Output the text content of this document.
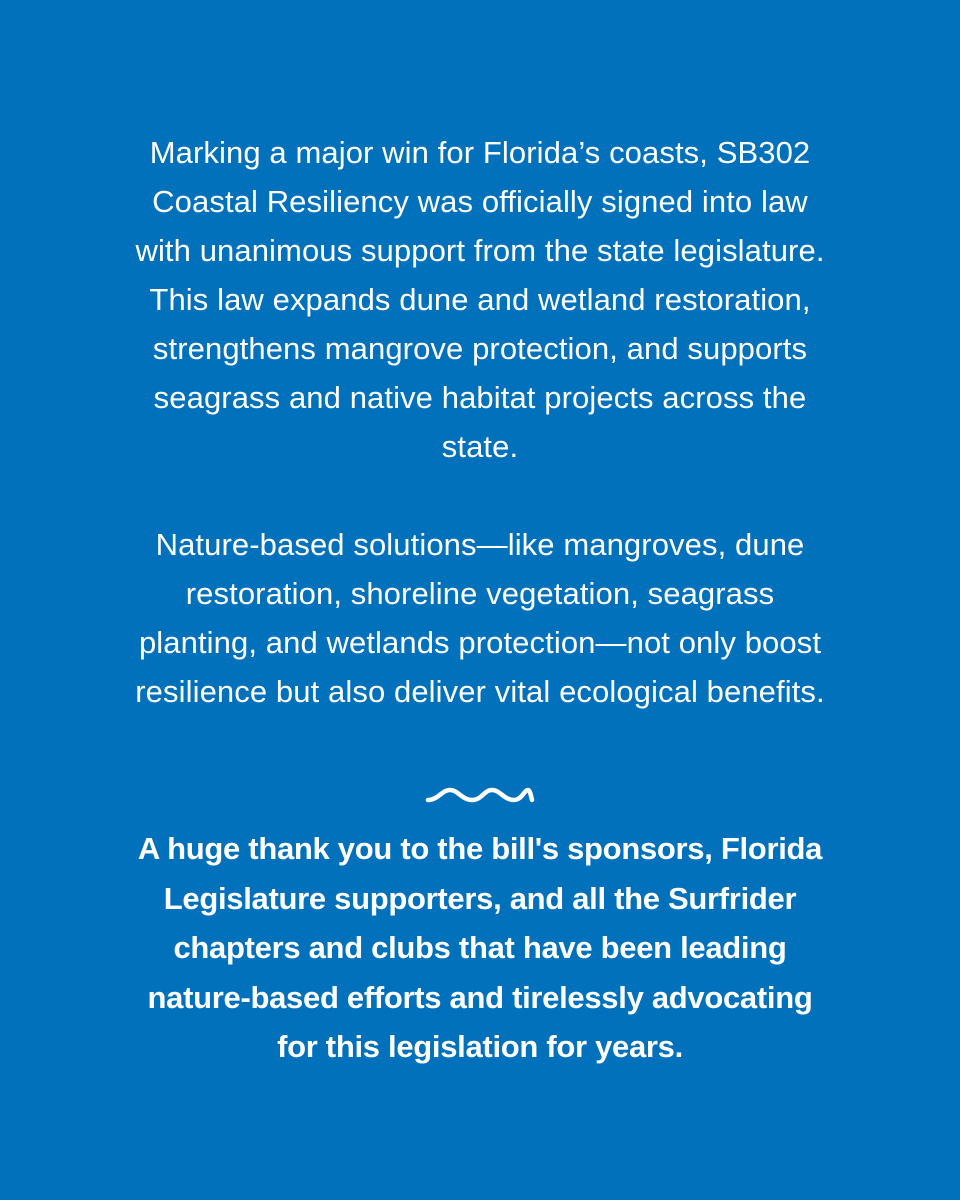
Marking a major win for Florida’s coasts, SB302 Coastal Resiliency was officially signed into law with unanimous support from the state legislature. This law expands dune and wetland restoration, strengthens mangrove protection, and supports seagrass and native habitat projects across the state.

Nature-based solutions—like mangroves, dune restoration, shoreline vegetation, seagrass planting, and wetlands protection—not only boost resilience but also deliver vital ecological benefits.

A huge thank you to the bill's sponsors, Florida Legislature supporters, and all the Surfrider chapters and clubs that have been leading nature-based efforts and tirelessly advocating for this legislation for years.
